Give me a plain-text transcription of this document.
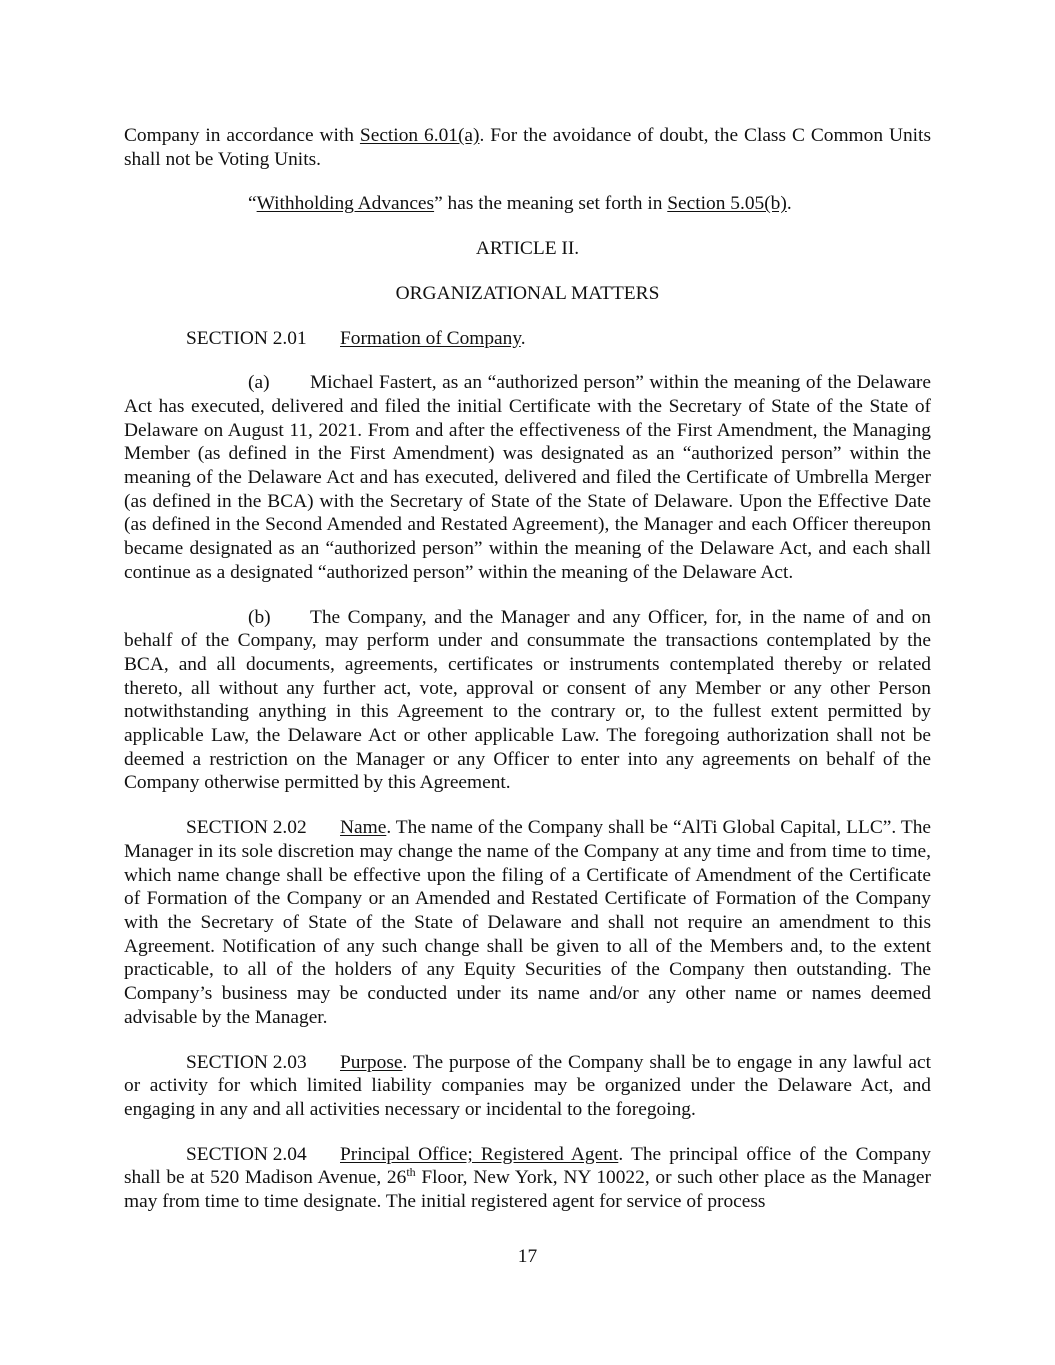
Company in accordance with Section 6.01(a). For the avoidance of doubt, the Class C Common Units shall not be Voting Units.

“Withholding Advances” has the meaning set forth in Section 5.05(b).

ARTICLE II.

ORGANIZATIONAL MATTERS

SECTION 2.01 Formation of Company.

(a) Michael Fastert, as an “authorized person” within the meaning of the Delaware Act has executed, delivered and filed the initial Certificate with the Secretary of State of the State of Delaware on August 11, 2021. From and after the effectiveness of the First Amendment, the Managing Member (as defined in the First Amendment) was designated as an “authorized person” within the meaning of the Delaware Act and has executed, delivered and filed the Certificate of Umbrella Merger (as defined in the BCA) with the Secretary of State of the State of Delaware. Upon the Effective Date (as defined in the Second Amended and Restated Agreement), the Manager and each Officer thereupon became designated as an “authorized person” within the meaning of the Delaware Act, and each shall continue as a designated “authorized person” within the meaning of the Delaware Act.

(b) The Company, and the Manager and any Officer, for, in the name of and on behalf of the Company, may perform under and consummate the transactions contemplated by the BCA, and all documents, agreements, certificates or instruments contemplated thereby or related thereto, all without any further act, vote, approval or consent of any Member or any other Person notwithstanding anything in this Agreement to the contrary or, to the fullest extent permitted by applicable Law, the Delaware Act or other applicable Law. The foregoing authorization shall not be deemed a restriction on the Manager or any Officer to enter into any agreements on behalf of the Company otherwise permitted by this Agreement.

SECTION 2.02 Name. The name of the Company shall be “AlTi Global Capital, LLC”. The Manager in its sole discretion may change the name of the Company at any time and from time to time, which name change shall be effective upon the filing of a Certificate of Amendment of the Certificate of Formation of the Company or an Amended and Restated Certificate of Formation of the Company with the Secretary of State of the State of Delaware and shall not require an amendment to this Agreement. Notification of any such change shall be given to all of the Members and, to the extent practicable, to all of the holders of any Equity Securities of the Company then outstanding. The Company’s business may be conducted under its name and/or any other name or names deemed advisable by the Manager.

SECTION 2.03 Purpose. The purpose of the Company shall be to engage in any lawful act or activity for which limited liability companies may be organized under the Delaware Act, and engaging in any and all activities necessary or incidental to the foregoing.

SECTION 2.04 Principal Office; Registered Agent. The principal office of the Company shall be at 520 Madison Avenue, 26th Floor, New York, NY 10022, or such other place as the Manager may from time to time designate. The initial registered agent for service of process

17
